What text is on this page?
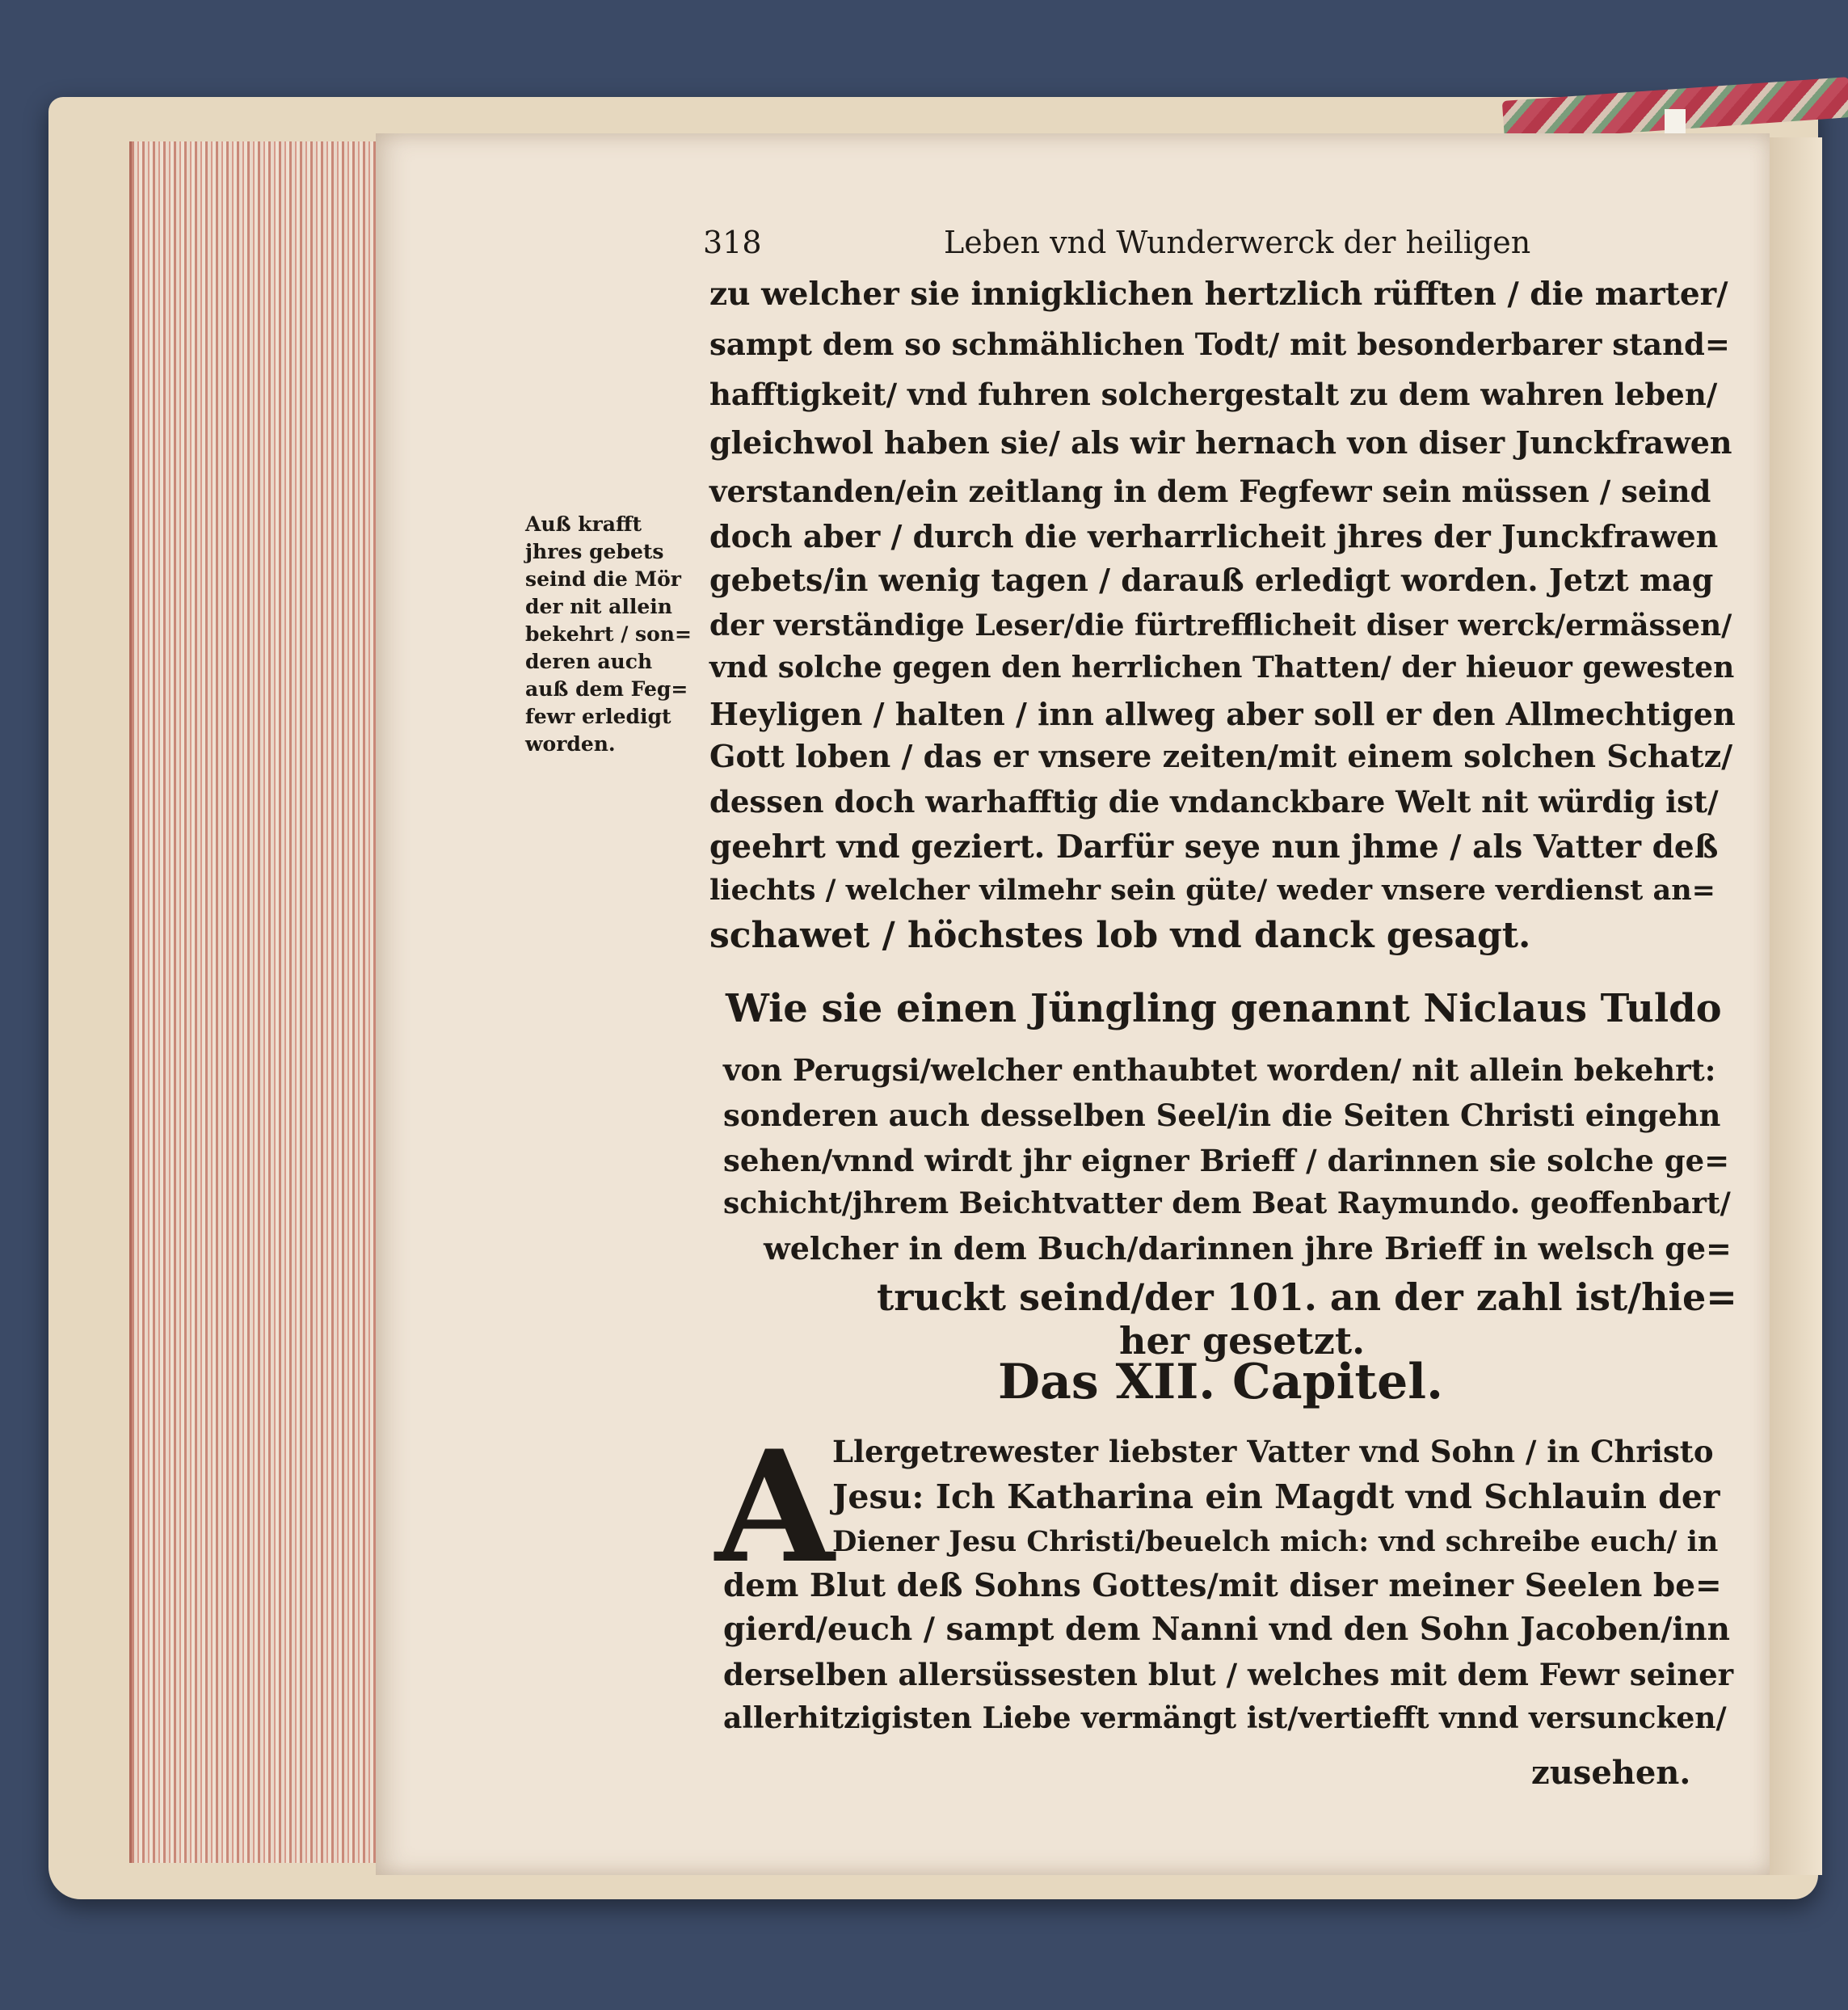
318	Leben vnd Wunderwerck der heiligen
zu welcher sie innigklichen hertzlich rüfften / die marter/
sampt dem so schmählichen Todt/ mit besonderbarer stand=
hafftigkeit/ vnd fuhren solchergestalt zu dem wahren leben/
gleichwol haben sie/ als wir hernach von diser Junckfrawen
verstanden/ein zeitlang in dem Fegfewr sein müssen / seind
doch aber / durch die verharrlicheit jhres der Junckfrawen
gebets/in wenig tagen / darauß erledigt worden. Jetzt mag
der verständige Leser/die fürtrefflicheit diser werck/ermässen/
vnd solche gegen den herrlichen Thatten/ der hieuor gewesten
Heyligen / halten / inn allweg aber soll er den Allmechtigen
Gott loben / das er vnsere zeiten/mit einem solchen Schatz/
dessen doch warhafftig die vndanckbare Welt nit würdig ist/
geehrt vnd geziert. Darfür seye nun jhme / als Vatter deß
liechts / welcher vilmehr sein güte/ weder vnsere verdienst an=
schawet / höchstes lob vnd danck gesagt.
Auß krafft
jhres gebets
seind die Mör
der nit allein
bekehrt / son=
deren auch
auß dem Feg=
fewr erledigt
worden.
Wie sie einen Jüngling genannt Niclaus Tuldo
von Perugsi/welcher enthaubtet worden/ nit allein bekehrt:
sonderen auch desselben Seel/in die Seiten Christi eingehn
sehen/vnnd wirdt jhr eigner Brieff / darinnen sie solche ge=
schicht/jhrem Beichtvatter dem Beat Raymundo. geoffenbart/
welcher in dem Buch/darinnen jhre Brieff in welsch ge=
truckt seind/der 101. an der zahl ist/hie=
her gesetzt.
Das XII. Capitel.
A
Llergetrewester liebster Vatter vnd Sohn / in Christo
Jesu: Ich Katharina ein Magdt vnd Schlauin der
Diener Jesu Christi/beuelch mich: vnd schreibe euch/ in
dem Blut deß Sohns Gottes/mit diser meiner Seelen be=
gierd/euch / sampt dem Nanni vnd den Sohn Jacoben/inn
derselben allersüssesten blut / welches mit dem Fewr seiner
allerhitzigisten Liebe vermängt ist/vertiefft vnnd versuncken/
zusehen.
